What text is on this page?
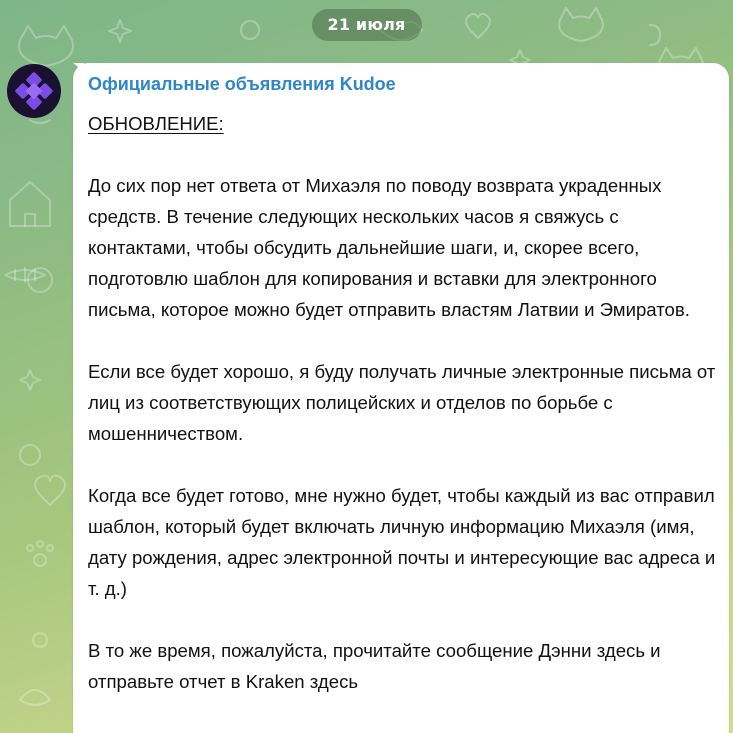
21 июля
Официальные объявления Kudoe

ОБНОВЛЕНИЕ:

До сих пор нет ответа от Михаэля по поводу возврата украденных средств. В течение следующих нескольких часов я свяжусь с контактами, чтобы обсудить дальнейшие шаги, и, скорее всего, подготовлю шаблон для копирования и вставки для электронного письма, которое можно будет отправить властям Латвии и Эмиратов.

Если все будет хорошо, я буду получать личные электронные письма от лиц из соответствующих полицейских и отделов по борьбе с мошенничеством.

Когда все будет готово, мне нужно будет, чтобы каждый из вас отправил шаблон, который будет включать личную информацию Михаэля (имя, дату рождения, адрес электронной почты и интересующие вас адреса и т. д.)

В то же время, пожалуйста, прочитайте сообщение Дэнни здесь и отправьте отчет в Kraken здесь
